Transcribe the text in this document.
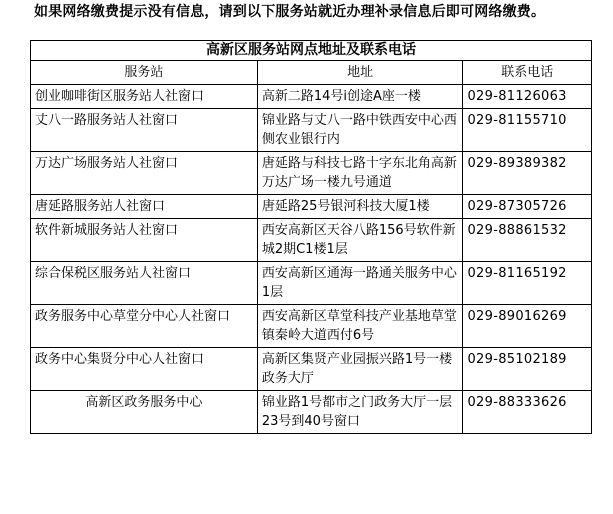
如果网络缴费提示没有信息，请到以下服务站就近办理补录信息后即可网络缴费。
高新区服务站网点地址及联系电话		
服务站	地址	联系电话
创业咖啡街区服务站人社窗口	高新二路14号i创途A座一楼	029-81126063
丈八一路服务站人社窗口	锦业路与丈八一路中铁西安中心西侧农业银行内	029-81155710
万达广场服务站人社窗口	唐延路与科技七路十字东北角高新万达广场一楼九号通道	029-89389382
唐延路服务站人社窗口	唐延路25号银河科技大厦1楼	029-87305726
软件新城服务站人社窗口	西安高新区天谷八路156号软件新城2期C1楼1层	029-88861532
综合保税区服务站人社窗口	西安高新区通海一路通关服务中心1层	029-81165192
政务服务中心草堂分中心人社窗口	西安高新区草堂科技产业基地草堂镇秦岭大道西付6号	029-89016269
政务中心集贤分中心人社窗口	高新区集贤产业园振兴路1号一楼政务大厅	029-85102189
高新区政务服务中心	锦业路1号都市之门政务大厅一层23号到40号窗口	029-88333626
